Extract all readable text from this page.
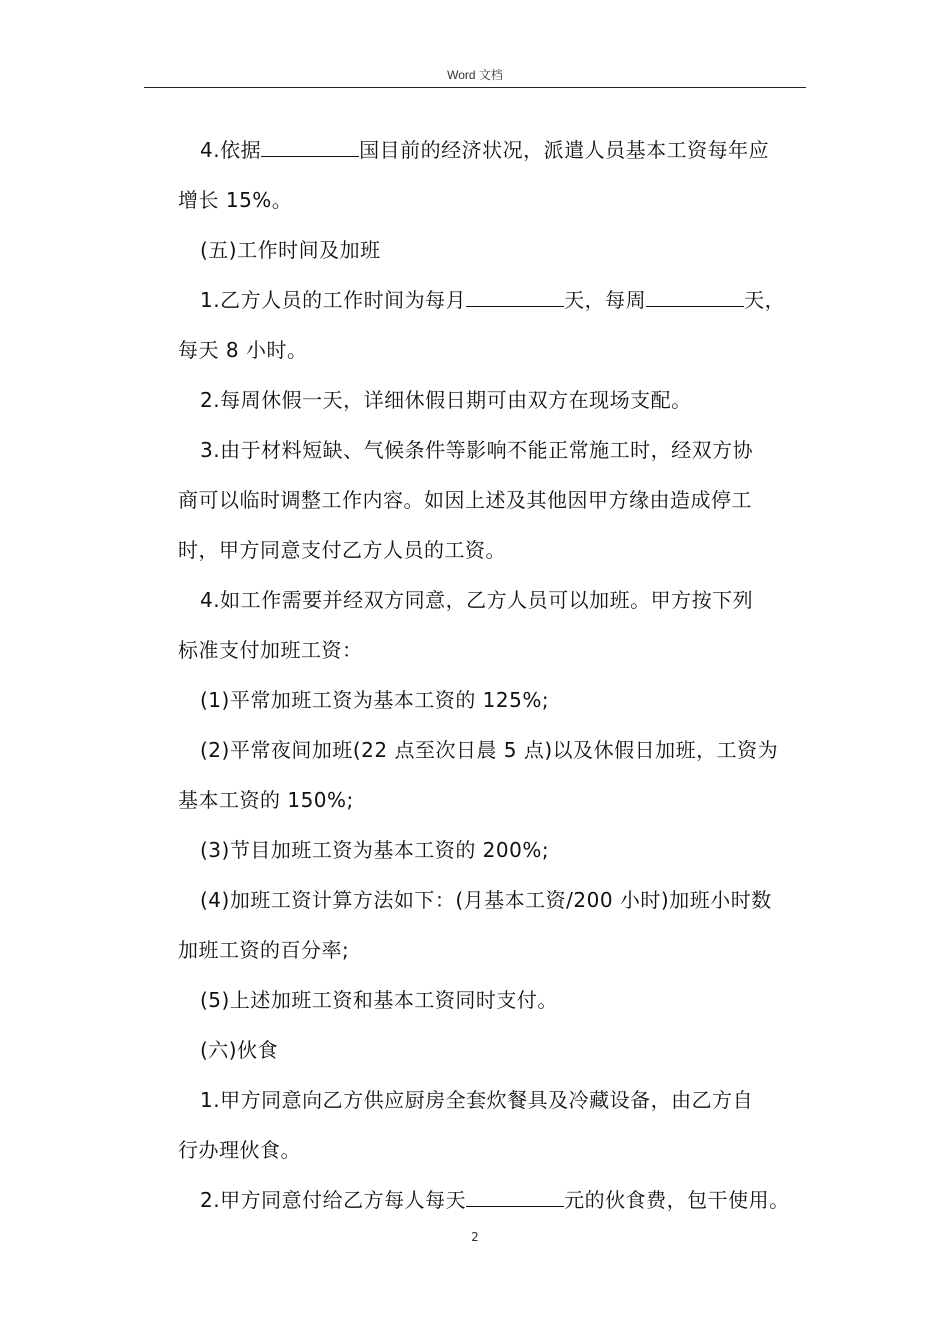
Word 文档
4.依据	国目前的经济状况，派遣人员基本工资每年应
增长 15%。
(五)工作时间及加班
1.乙方人员的工作时间为每月	天，每周	天，
每天 8 小时。
2.每周休假一天，详细休假日期可由双方在现场支配。
3.由于材料短缺、气候条件等影响不能正常施工时，经双方协
商可以临时调整工作内容。如因上述及其他因甲方缘由造成停工
时，甲方同意支付乙方人员的工资。
4.如工作需要并经双方同意，乙方人员可以加班。甲方按下列
标准支付加班工资：
(1)平常加班工资为基本工资的 125%;
(2)平常夜间加班(22 点至次日晨 5 点)以及休假日加班，工资为
基本工资的 150%;
(3)节目加班工资为基本工资的 200%;
(4)加班工资计算方法如下：(月基本工资/200 小时)加班小时数
加班工资的百分率;
(5)上述加班工资和基本工资同时支付。
(六)伙食
1.甲方同意向乙方供应厨房全套炊餐具及冷藏设备，由乙方自
行办理伙食。
2.甲方同意付给乙方每人每天	元的伙食费，包干使用。
2
